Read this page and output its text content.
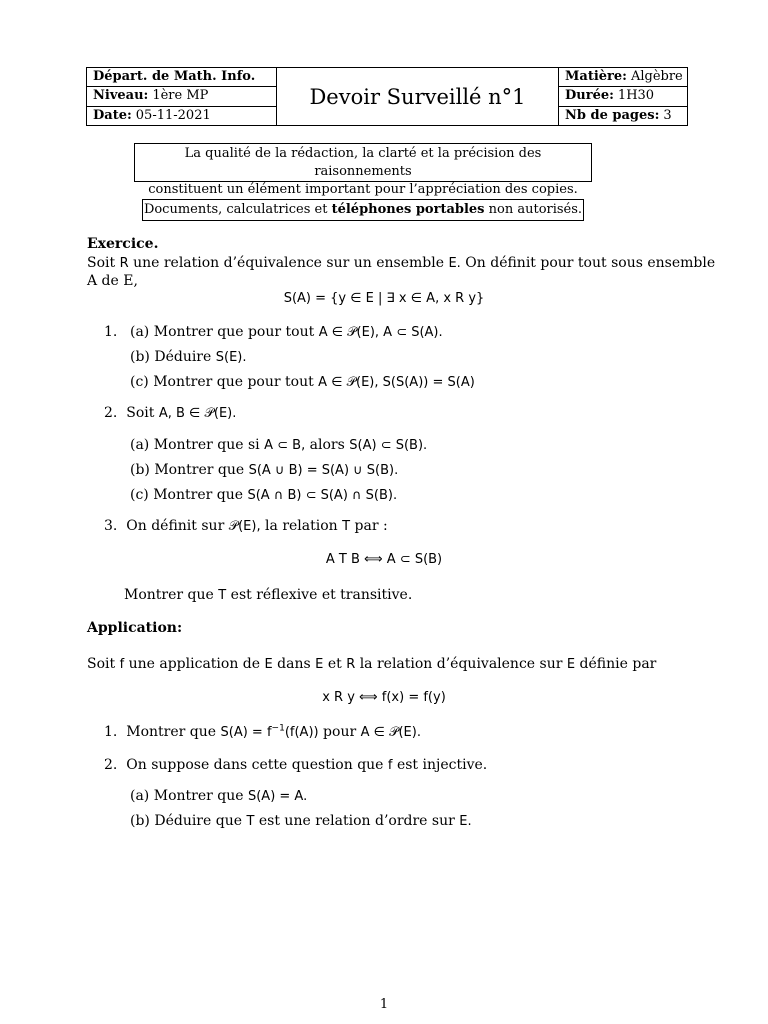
Départ. de Math. Info.
Niveau: 1ère MP
Date: 05-11-2021
Devoir Surveillé n°1
Matière: Algèbre
Durée: 1H30
Nb de pages: 3
La qualité de la rédaction, la clarté et la précision des raisonnements
constituent un élément important pour l’appréciation des copies.
Documents, calculatrices et téléphones portables non autorisés.
Exercice.
Soit R une relation d’équivalence sur un ensemble E. On définit pour tout sous ensemble
A de E,
S(A) = {y ∈ E | ∃ x ∈ A, x R y}
1. (a) Montrer que pour tout A ∈ 𝒫(E), A ⊂ S(A).
(b) Déduire S(E).
(c) Montrer que pour tout A ∈ 𝒫(E), S(S(A)) = S(A)
2. Soit A, B ∈ 𝒫(E).
(a) Montrer que si A ⊂ B, alors S(A) ⊂ S(B).
(b) Montrer que S(A ∪ B) = S(A) ∪ S(B).
(c) Montrer que S(A ∩ B) ⊂ S(A) ∩ S(B).
3. On définit sur 𝒫(E), la relation T par :
A T B ⟺ A ⊂ S(B)
Montrer que T est réflexive et transitive.
Application:
Soit f une application de E dans E et R la relation d’équivalence sur E définie par
x R y ⟺ f(x) = f(y)
1. Montrer que $S(A) = f^{-1}(f(A))$ pour A ∈ 𝒫(E).
2. On suppose dans cette question que f est injective.
(a) Montrer que S(A) = A.
(b) Déduire que T est une relation d’ordre sur E.
1
